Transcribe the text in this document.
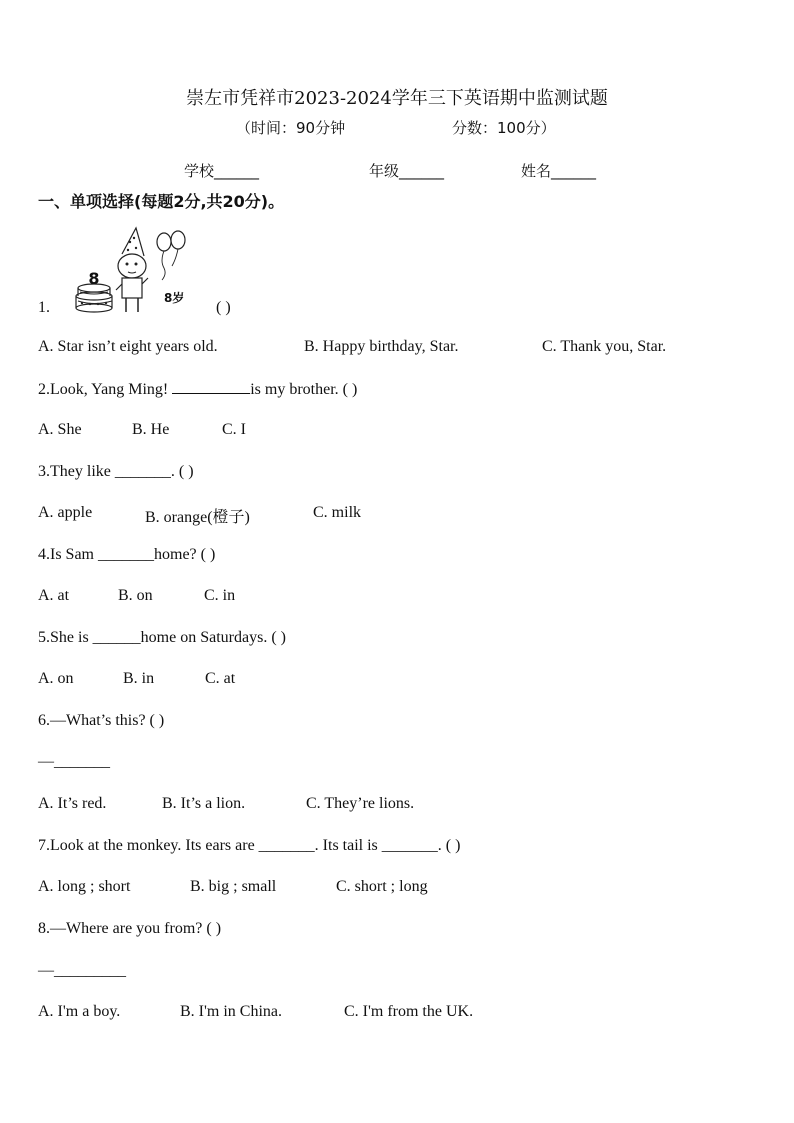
崇左市凭祥市2023-2024学年三下英语期中监测试题
（时间：90分钟	分数：100分）
学校______	年级______	姓名______
一、单项选择(每题2分,共20分)。
1.
8
8岁
( )
A. Star isn’t eight years old.	B. Happy birthday, Star.	C. Thank you, Star.
2.Look, Yang Ming!	is my brother. ( )
A. She	B. He	C. I
3.They like _______. ( )
A. apple	B. orange(橙子)	C. milk
4.Is Sam _______home? ( )
A. at	B. on	C. in
5.She is ______home on Saturdays. ( )
A. on	B. in	C. at
6.—What’s this? ( )
—_______
A. It’s red.	B. It’s a lion.	C. They’re lions.
7.Look at the monkey. Its ears are _______. Its tail is _______. ( )
A. long ; short	B. big ; small	C. short ; long
8.—Where are you from? ( )
—_________
A. I'm a boy.	B. I'm in China.	C. I'm from the UK.
